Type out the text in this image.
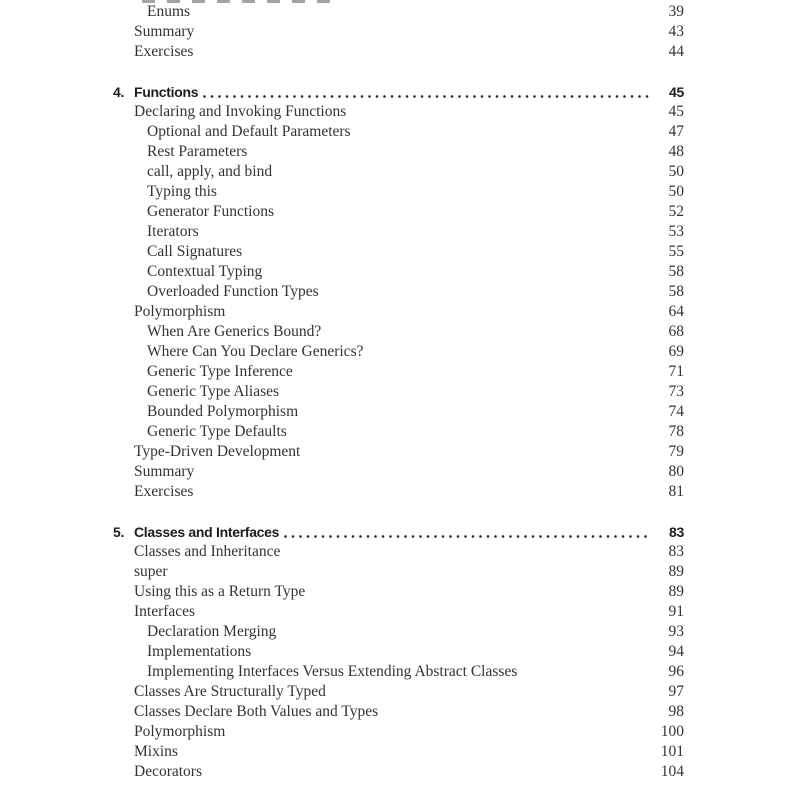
Enums	39
Summary	43
Exercises	44
4. Functions	45
Declaring and Invoking Functions	45
Optional and Default Parameters	47
Rest Parameters	48
call, apply, and bind	50
Typing this	50
Generator Functions	52
Iterators	53
Call Signatures	55
Contextual Typing	58
Overloaded Function Types	58
Polymorphism	64
When Are Generics Bound?	68
Where Can You Declare Generics?	69
Generic Type Inference	71
Generic Type Aliases	73
Bounded Polymorphism	74
Generic Type Defaults	78
Type-Driven Development	79
Summary	80
Exercises	81
5. Classes and Interfaces	83
Classes and Inheritance	83
super	89
Using this as a Return Type	89
Interfaces	91
Declaration Merging	93
Implementations	94
Implementing Interfaces Versus Extending Abstract Classes	96
Classes Are Structurally Typed	97
Classes Declare Both Values and Types	98
Polymorphism	100
Mixins	101
Decorators	104
